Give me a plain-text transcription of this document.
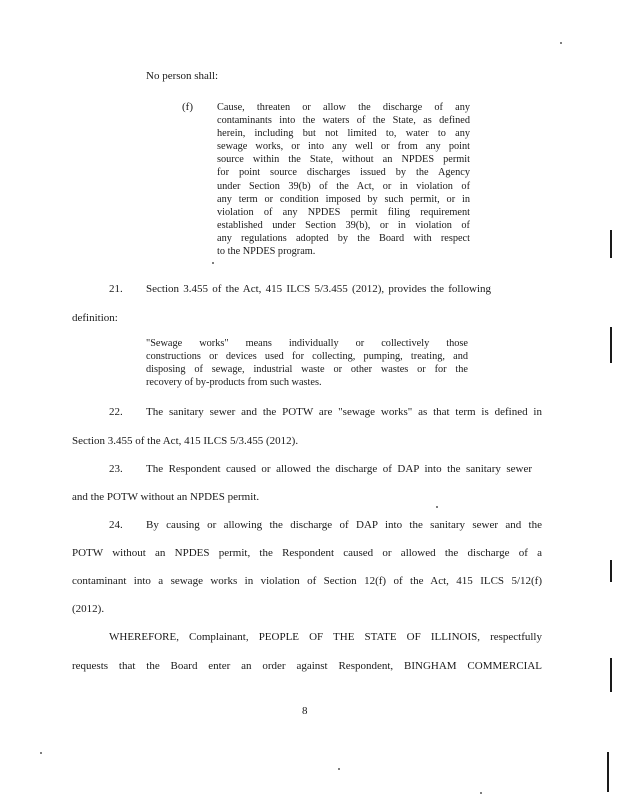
No person shall:
(f) Cause, threaten or allow the discharge of any
contaminants into the waters of the State, as defined
herein, including but not limited to, water to any
sewage works, or into any well or from any point
source within the State, without an NPDES permit
for point source discharges issued by the Agency
under Section 39(b) of the Act, or in violation of
any term or condition imposed by such permit, or in
violation of any NPDES permit filing requirement
established under Section 39(b), or in violation of
any regulations adopted by the Board with respect
to the NPDES program.
21. Section 3.455 of the Act, 415 ILCS 5/3.455 (2012), provides the following
definition:
"Sewage works" means individually or collectively those
constructions or devices used for collecting, pumping, treating, and
disposing of sewage, industrial waste or other wastes or for the
recovery of by-products from such wastes.
22. The sanitary sewer and the POTW are "sewage works" as that term is defined in
Section 3.455 of the Act, 415 ILCS 5/3.455 (2012).
23. The Respondent caused or allowed the discharge of DAP into the sanitary sewer
and the POTW without an NPDES permit.
24. By causing or allowing the discharge of DAP into the sanitary sewer and the
POTW without an NPDES permit, the Respondent caused or allowed the discharge of a
contaminant into a sewage works in violation of Section 12(f) of the Act, 415 ILCS 5/12(f)
(2012).
WHEREFORE, Complainant, PEOPLE OF THE STATE OF ILLINOIS, respectfully
requests that the Board enter an order against Respondent, BINGHAM COMMERCIAL
8
